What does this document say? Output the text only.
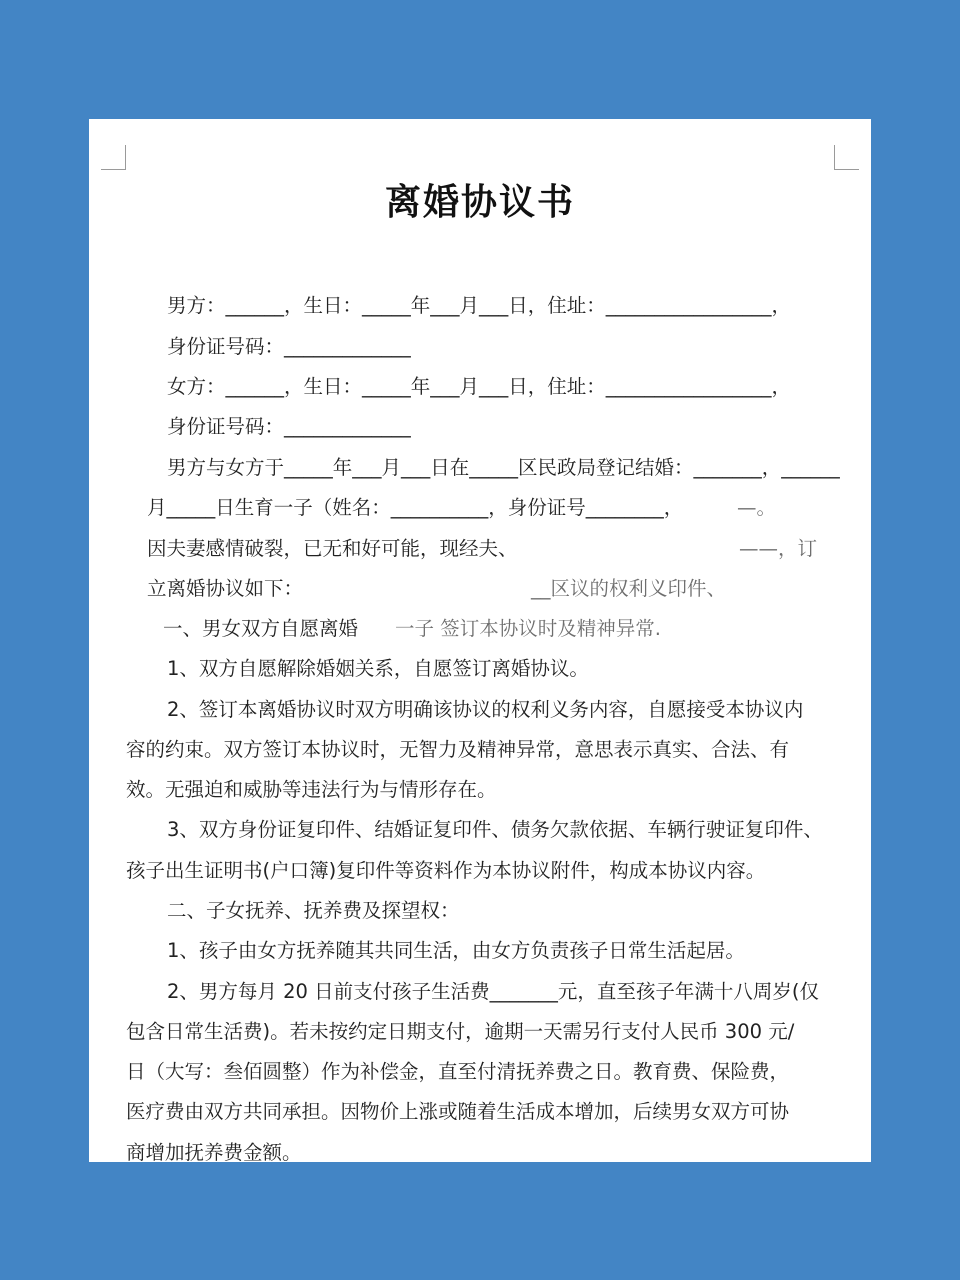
离婚协议书
男方：______，生日：_____年___月___日，住址：_________________，
身份证号码：_____________
女方：______，生日：_____年___月___日，住址：_________________，
身份证号码：_____________
男方与女方于_____年___月___日在_____区民政局登记结婚：_______，______
月_____日生育一子（姓名：__________，身份证号________，	—。
因夫妻感情破裂，已无和好可能，现经夫、	——，订
立离婚协议如下：	__区议的权利义印件、
一、男女双方自愿离婚 一子 签订本协议时及精神异常.
1、双方自愿解除婚姻关系，自愿签订离婚协议。
2、签订本离婚协议时双方明确该协议的权利义务内容，自愿接受本协议内
容的约束。双方签订本协议时，无智力及精神异常，意思表示真实、合法、有
效。无强迫和威胁等违法行为与情形存在。
3、双方身份证复印件、结婚证复印件、债务欠款依据、车辆行驶证复印件、
孩子出生证明书(户口簿)复印件等资料作为本协议附件，构成本协议内容。
二、子女抚养、抚养费及探望权：
1、孩子由女方抚养随其共同生活，由女方负责孩子日常生活起居。
2、男方每月 20 日前支付孩子生活费_______元，直至孩子年满十八周岁(仅
包含日常生活费)。若未按约定日期支付，逾期一天需另行支付人民币 300 元/
日（大写：叁佰圆整）作为补偿金，直至付清抚养费之日。教育费、保险费，
医疗费由双方共同承担。因物价上涨或随着生活成本增加，后续男女双方可协
商增加抚养费金额。
